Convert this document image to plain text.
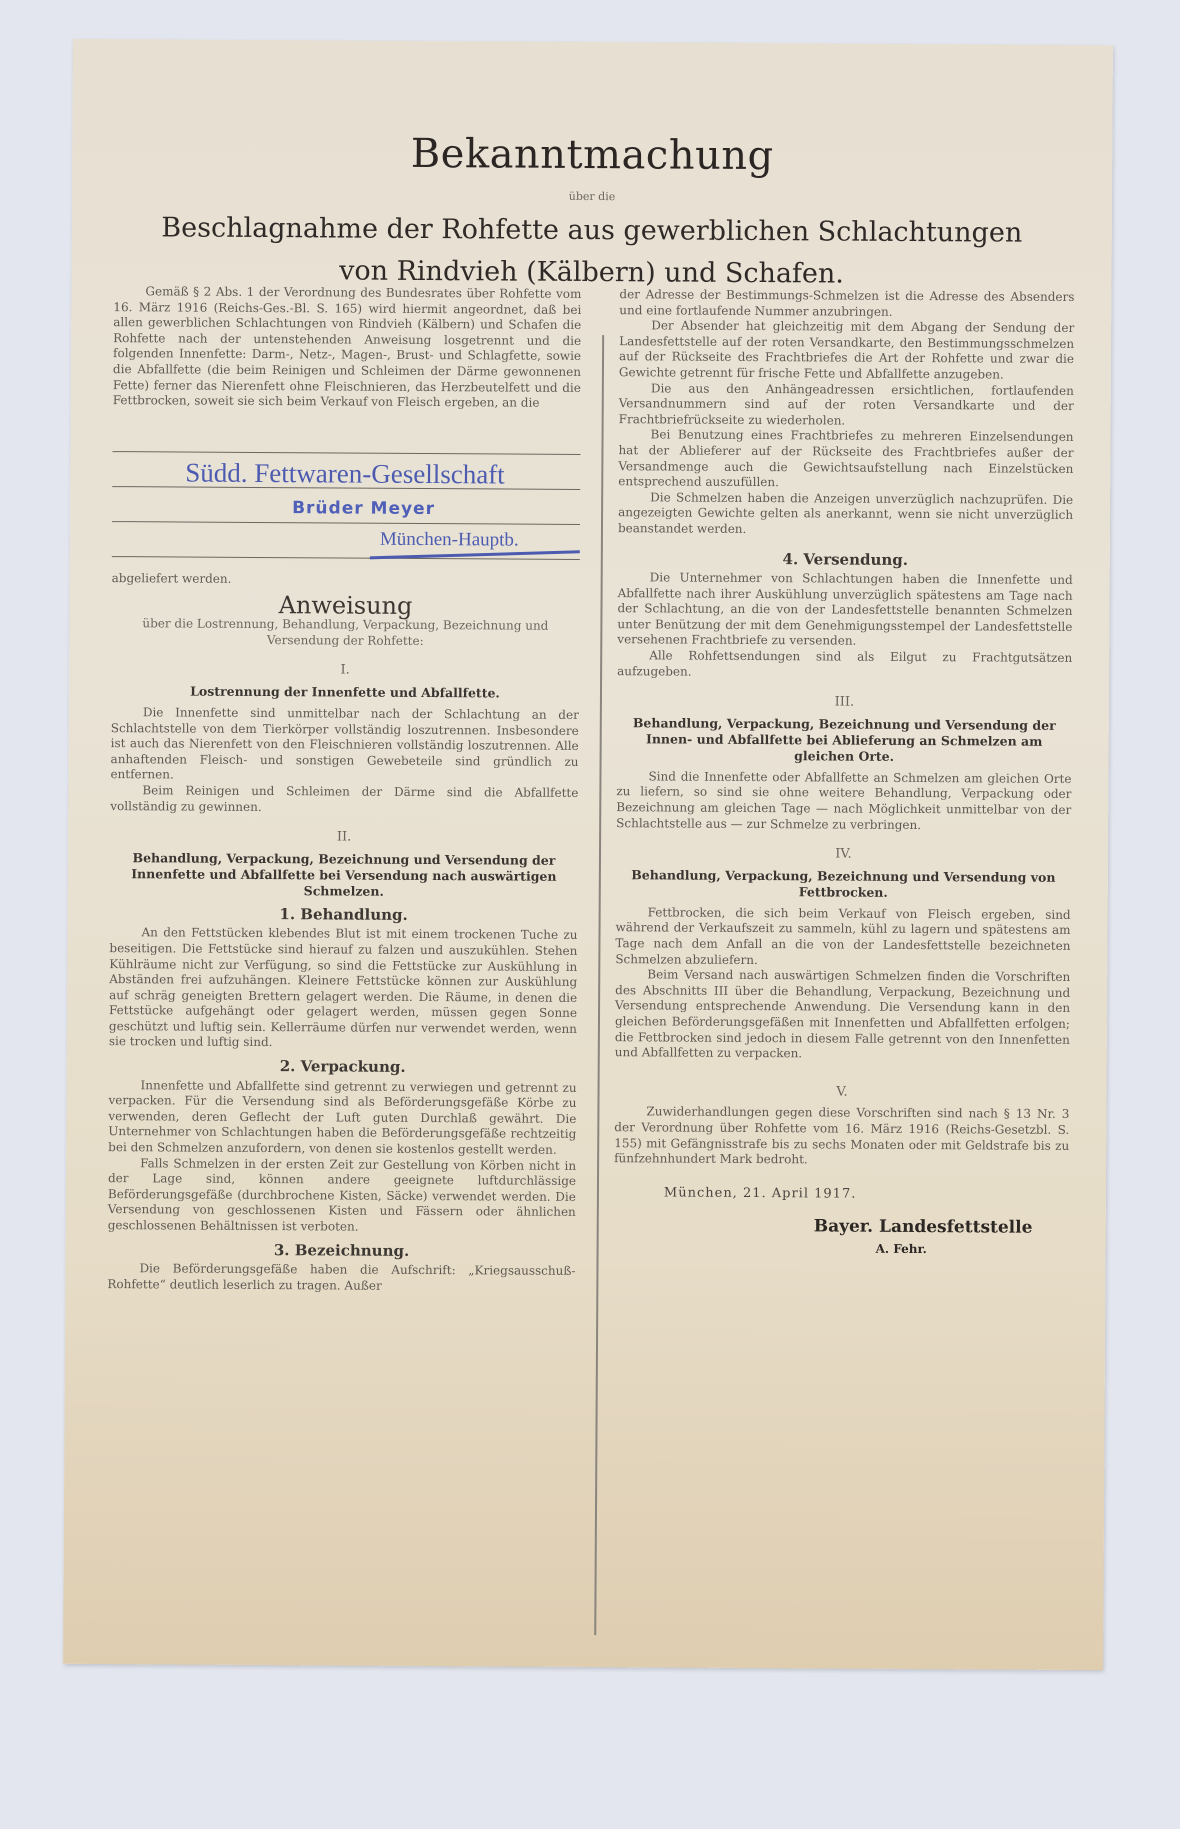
Bekanntmachung
über die
Beschlagnahme der Rohfette aus gewerblichen Schlachtungen
von Rindvieh (Kälbern) und Schafen.

Gemäß § 2 Abs. 1 der Verordnung des Bundesrates über Rohfette vom 16. März 1916 (Reichs-Ges.-Bl. S. 165) wird hiermit angeordnet, daß bei allen gewerblichen Schlachtungen von Rindvieh (Kälbern) und Schafen die Rohfette nach der untenstehenden Anweisung losgetrennt und die folgenden Innenfette: Darm-, Netz-, Magen-, Brust- und Schlagfette, sowie die Abfallfette (die beim Reinigen und Schleimen der Därme gewonnenen Fette) ferner das Nierenfett ohne Fleischnieren, das Herzbeutelfett und die Fettbrocken, soweit sie sich beim Verkauf von Fleisch ergeben, an die

Südd. Fettwaren-Gesellschaft
Brüder Meyer
München-Hauptb.

abgeliefert werden.

Anweisung
über die Lostrennung, Behandlung, Verpackung, Bezeichnung und Versendung der Rohfette:
I.
Lostrennung der Innenfette und Abfallfette.

Die Innenfette sind unmittelbar nach der Schlachtung an der Schlachtstelle von dem Tierkörper vollständig loszutrennen. Insbesondere ist auch das Nierenfett von den Fleischnieren vollständig loszutrennen. Alle anhaftenden Fleisch- und sonstigen Gewebeteile sind gründlich zu entfernen.

Beim Reinigen und Schleimen der Därme sind die Abfallfette vollständig zu gewinnen.

II.
Behandlung, Verpackung, Bezeichnung und Versendung der Innenfette und Abfallfette bei Versendung nach auswärtigen Schmelzen.
1. Behandlung.

An den Fettstücken klebendes Blut ist mit einem trockenen Tuche zu beseitigen. Die Fettstücke sind hierauf zu falzen und auszukühlen. Stehen Kühlräume nicht zur Verfügung, so sind die Fettstücke zur Auskühlung in Abständen frei aufzuhängen. Kleinere Fettstücke können zur Auskühlung auf schräg geneigten Brettern gelagert werden. Die Räume, in denen die Fettstücke aufgehängt oder gelagert werden, müssen gegen Sonne geschützt und luftig sein. Kellerräume dürfen nur verwendet werden, wenn sie trocken und luftig sind.

2. Verpackung.

Innenfette und Abfallfette sind getrennt zu verwiegen und getrennt zu verpacken. Für die Versendung sind als Beförderungsgefäße Körbe zu verwenden, deren Geflecht der Luft guten Durchlaß gewährt. Die Unternehmer von Schlachtungen haben die Beförderungsgefäße rechtzeitig bei den Schmelzen anzufordern, von denen sie kostenlos gestellt werden.

Falls Schmelzen in der ersten Zeit zur Gestellung von Körben nicht in der Lage sind, können andere geeignete luftdurchlässige Beförderungsgefäße (durchbrochene Kisten, Säcke) verwendet werden. Die Versendung von geschlossenen Kisten und Fässern oder ähnlichen geschlossenen Behältnissen ist verboten.

3. Bezeichnung.

Die Beförderungsgefäße haben die Aufschrift: „Kriegsausschuß-Rohfette“ deutlich leserlich zu tragen. Außer

der Adresse der Bestimmungs-Schmelzen ist die Adresse des Absenders und eine fortlaufende Nummer anzubringen.

Der Absender hat gleichzeitig mit dem Abgang der Sendung der Landesfettstelle auf der roten Versandkarte, den Bestimmungsschmelzen auf der Rückseite des Frachtbriefes die Art der Rohfette und zwar die Gewichte getrennt für frische Fette und Abfallfette anzugeben.

Die aus den Anhängeadressen ersichtlichen, fortlaufenden Versandnummern sind auf der roten Versandkarte und der Frachtbriefrückseite zu wiederholen.

Bei Benutzung eines Frachtbriefes zu mehreren Einzelsendungen hat der Ablieferer auf der Rückseite des Frachtbriefes außer der Versandmenge auch die Gewichtsaufstellung nach Einzelstücken entsprechend auszufüllen.

Die Schmelzen haben die Anzeigen unverzüglich nachzuprüfen. Die angezeigten Gewichte gelten als anerkannt, wenn sie nicht unverzüglich beanstandet werden.

4. Versendung.

Die Unternehmer von Schlachtungen haben die Innenfette und Abfallfette nach ihrer Auskühlung unverzüglich spätestens am Tage nach der Schlachtung, an die von der Landesfettstelle benannten Schmelzen unter Benützung der mit dem Genehmigungsstempel der Landesfettstelle versehenen Frachtbriefe zu versenden.

Alle Rohfettsendungen sind als Eilgut zu Frachtgutsätzen aufzugeben.

III.
Behandlung, Verpackung, Bezeichnung und Versendung der Innen- und Abfallfette bei Ablieferung an Schmelzen am gleichen Orte.

Sind die Innenfette oder Abfallfette an Schmelzen am gleichen Orte zu liefern, so sind sie ohne weitere Behandlung, Verpackung oder Bezeichnung am gleichen Tage — nach Möglichkeit unmittelbar von der Schlachtstelle aus — zur Schmelze zu verbringen.

IV.
Behandlung, Verpackung, Bezeichnung und Versendung von Fettbrocken.

Fettbrocken, die sich beim Verkauf von Fleisch ergeben, sind während der Verkaufszeit zu sammeln, kühl zu lagern und spätestens am Tage nach dem Anfall an die von der Landesfettstelle bezeichneten Schmelzen abzuliefern.

Beim Versand nach auswärtigen Schmelzen finden die Vorschriften des Abschnitts III über die Behandlung, Verpackung, Bezeichnung und Versendung entsprechende Anwendung. Die Versendung kann in den gleichen Beförderungsgefäßen mit Innenfetten und Abfallfetten erfolgen; die Fettbrocken sind jedoch in diesem Falle getrennt von den Innenfetten und Abfallfetten zu verpacken.

V.

Zuwiderhandlungen gegen diese Vorschriften sind nach § 13 Nr. 3 der Verordnung über Rohfette vom 16. März 1916 (Reichs-Gesetzbl. S. 155) mit Gefängnisstrafe bis zu sechs Monaten oder mit Geldstrafe bis zu fünfzehnhundert Mark bedroht.

München, 21. April 1917.
Bayer. Landesfettstelle
A. Fehr.
